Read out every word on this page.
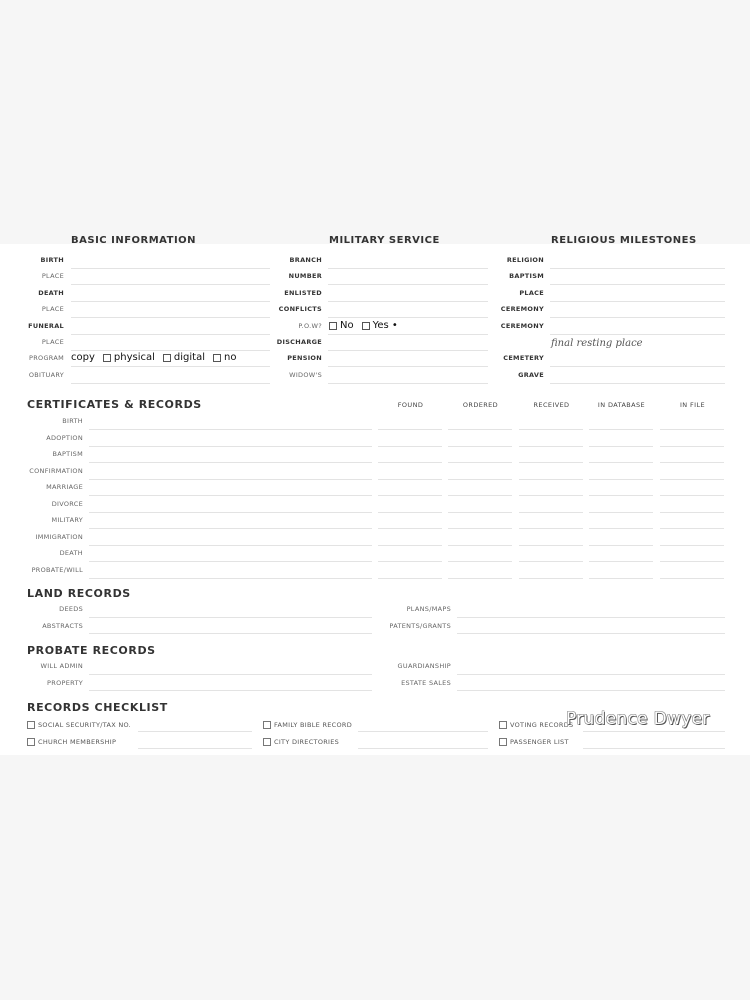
BASIC INFORMATION
BIRTH
PLACE
DEATH
PLACE
FUNERAL
PLACE
PROGRAM copy physical digital no
OBITUARY
MILITARY SERVICE
BRANCH
NUMBER
ENLISTED
CONFLICTS
P.O.W? No Yes •
DISCHARGE
PENSION
WIDOW'S
RELIGIOUS MILESTONES
RELIGION
BAPTISM
PLACE
CEREMONY
CEREMONY
final resting place
CEMETERY
GRAVE
CERTIFICATES & RECORDS	FOUND	ORDERED	RECEIVED	IN DATABASE	IN FILE
BIRTH
ADOPTION
BAPTISM
CONFIRMATION
MARRIAGE
DIVORCE
MILITARY
IMMIGRATION
DEATH
PROBATE/WILL
LAND RECORDS
DEEDS
ABSTRACTS
PLANS/MAPS
PATENTS/GRANTS
PROBATE RECORDS
WILL ADMIN
PROPERTY
GUARDIANSHIP
ESTATE SALES
RECORDS CHECKLIST
SOCIAL SECURITY/TAX NO.	FAMILY BIBLE RECORD	VOTING RECORDS
CHURCH MEMBERSHIP	CITY DIRECTORIES	PASSENGER LIST
Prudence Dwyer
